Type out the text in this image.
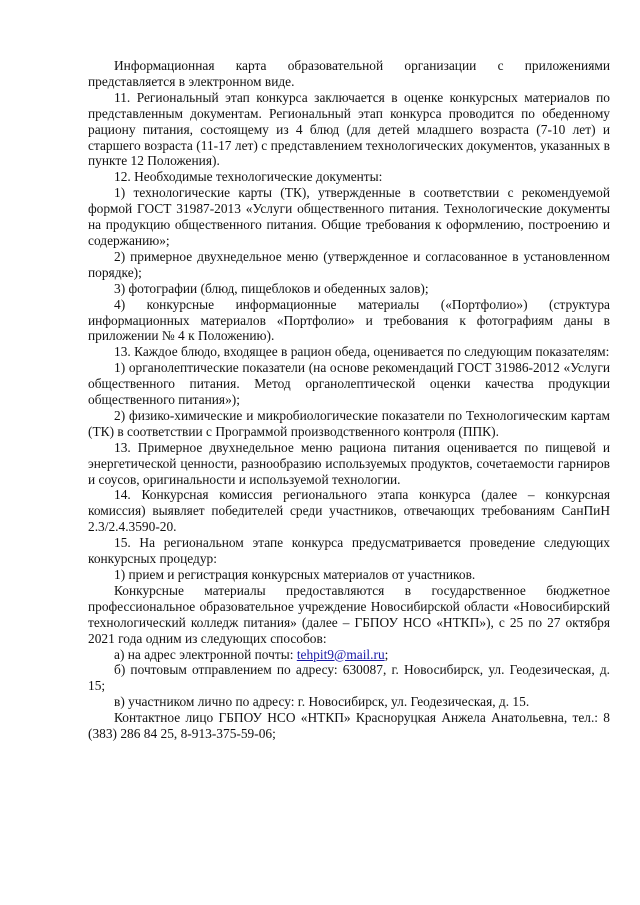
Информационная карта образовательной организации с приложениями представляется в электронном виде.

11. Региональный этап конкурса заключается в оценке конкурсных материалов по представленным документам. Региональный этап конкурса проводится по обеденному рациону питания, состоящему из 4 блюд (для детей младшего возраста (7-10 лет) и старшего возраста (11-17 лет) с представлением технологических документов, указанных в пункте 12 Положения).

12. Необходимые технологические документы:

1) технологические карты (ТК), утвержденные в соответствии с рекомендуемой формой ГОСТ 31987-2013 «Услуги общественного питания. Технологические документы на продукцию общественного питания. Общие требования к оформлению, построению и содержанию»;

2) примерное двухнедельное меню (утвержденное и согласованное в установленном порядке);

3) фотографии (блюд, пищеблоков и обеденных залов);

4) конкурсные информационные материалы («Портфолио») (структура информационных материалов «Портфолио» и требования к фотографиям даны в приложении № 4 к Положению).

13. Каждое блюдо, входящее в рацион обеда, оценивается по следующим показателям:

1) органолептические показатели (на основе рекомендаций ГОСТ 31986-2012 «Услуги общественного питания. Метод органолептической оценки качества продукции общественного питания»);

2) физико-химические и микробиологические показатели по Технологическим картам (ТК) в соответствии с Программой производственного контроля (ППК).

13. Примерное двухнедельное меню рациона питания оценивается по пищевой и энергетической ценности, разнообразию используемых продуктов, сочетаемости гарниров и соусов, оригинальности и используемой технологии.

14. Конкурсная комиссия регионального этапа конкурса (далее – конкурсная комиссия) выявляет победителей среди участников, отвечающих требованиям СанПиН 2.3/2.4.3590-20.

15. На региональном этапе конкурса предусматривается проведение следующих конкурсных процедур:

1) прием и регистрация конкурсных материалов от участников.

Конкурсные материалы предоставляются в государственное бюджетное профессиональное образовательное учреждение Новосибирской области «Новосибирский технологический колледж питания» (далее – ГБПОУ НСО «НТКП»), с 25 по 27 октября 2021 года одним из следующих способов:

а) на адрес электронной почты: tehpit9@mail.ru;

б) почтовым отправлением по адресу: 630087, г. Новосибирск, ул. Геодезическая, д. 15;

в) участником лично по адресу: г. Новосибирск, ул. Геодезическая, д. 15.

Контактное лицо ГБПОУ НСО «НТКП» Красноруцкая Анжела Анатольевна, тел.: 8 (383) 286 84 25, 8-913-375-59-06;
